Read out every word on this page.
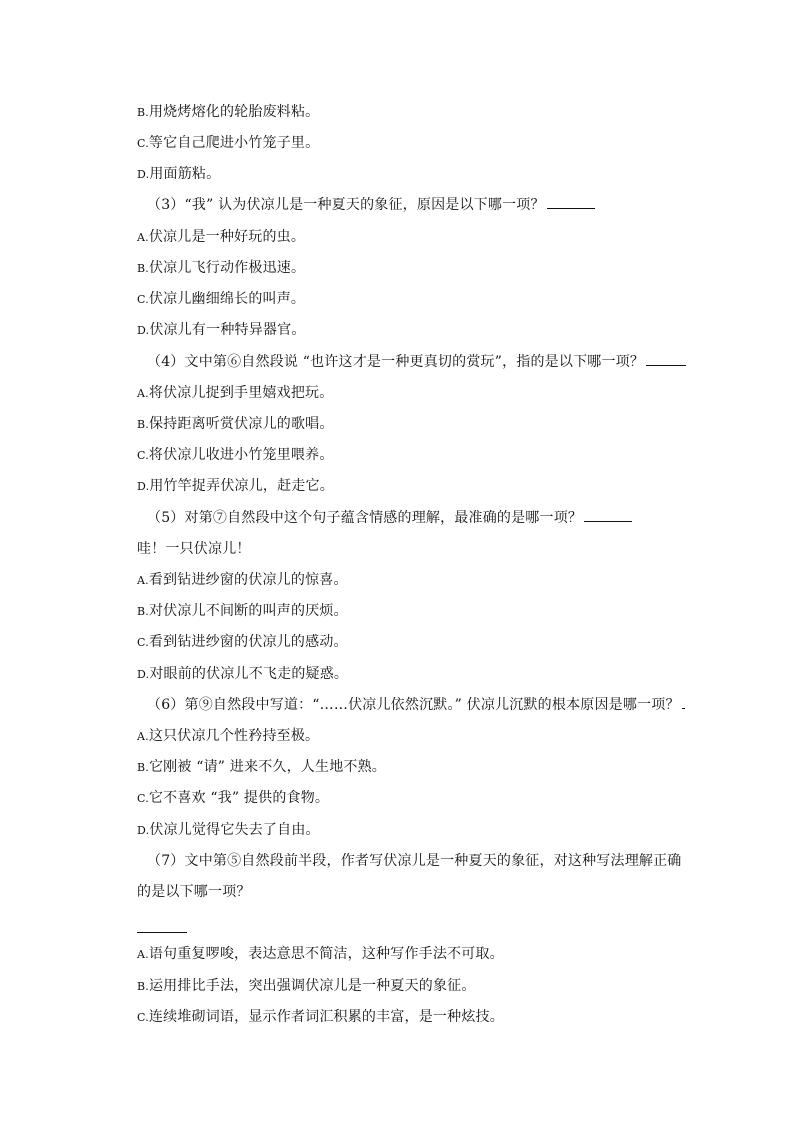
B.用烧烤熔化的轮胎废料粘。
C.等它自己爬进小竹笼子里。
D.用面筋粘。
（3）“我” 认为伏凉儿是一种夏天的象征，原因是以下哪一项？
A.伏凉儿是一种好玩的虫。
B.伏凉儿飞行动作极迅速。
C.伏凉儿幽细绵长的叫声。
D.伏凉儿有一种特异器官。
（4）文中第⑥自然段说 “也许这才是一种更真切的赏玩”，指的是以下哪一项？
A.将伏凉儿捉到手里嬉戏把玩。
B.保持距离听赏伏凉儿的歌唱。
C.将伏凉儿收进小竹笼里喂养。
D.用竹竿捉弄伏凉儿，赶走它。
（5）对第⑦自然段中这个句子蕴含情感的理解，最准确的是哪一项？
哇！一只伏凉儿！
A.看到钻进纱窗的伏凉儿的惊喜。
B.对伏凉儿不间断的叫声的厌烦。
C.看到钻进纱窗的伏凉儿的感动。
D.对眼前的伏凉儿不飞走的疑惑。
（6）第⑨自然段中写道：“……伏凉儿依然沉默。” 伏凉儿沉默的根本原因是哪一项？
A.这只伏凉几个性矜持至极。
B.它刚被 “请” 进来不久，人生地不熟。
C.它不喜欢 “我” 提供的食物。
D.伏凉儿觉得它失去了自由。
（7）文中第⑤自然段前半段，作者写伏凉儿是一种夏天的象征，对这种写法理解正确
的是以下哪一项？
A.语句重复啰唆，表达意思不简洁，这种写作手法不可取。
B.运用排比手法，突出强调伏凉儿是一种夏天的象征。
C.连续堆砌词语，显示作者词汇积累的丰富，是一种炫技。
